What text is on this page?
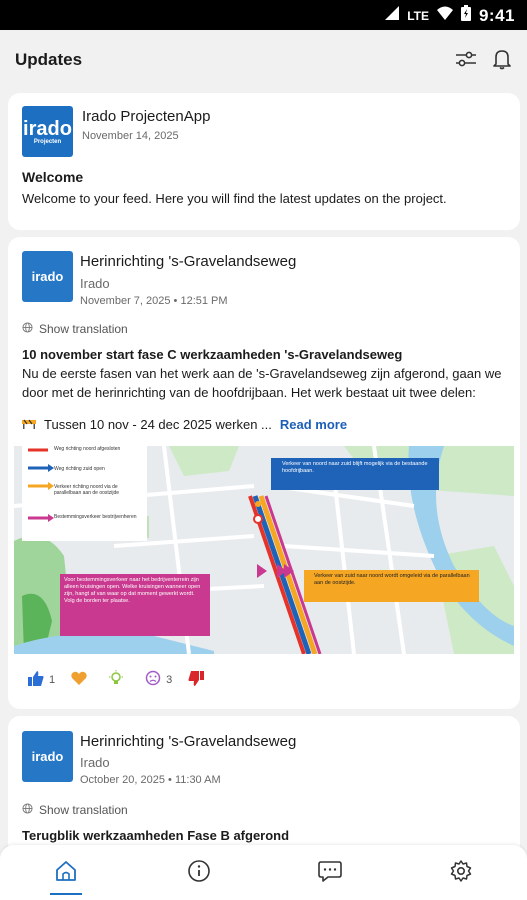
LTE	9:41
Updates
irado
Projecten
Irado ProjectenApp
November 14, 2025
Welcome
Welcome to your feed. Here you will find the latest updates on the project.
irado
Herinrichting 's-Gravelandseweg
Irado
November 7, 2025 • 12:51 PM
Show translation
10 november start fase C werkzaamheden 's-Gravelandseweg
Nu de eerste fasen van het werk aan de 's-Gravelandseweg zijn afgerond, gaan we door met de herinrichting van de hoofdrijbaan. Het werk bestaat uit twee delen:
Tussen 10 nov - 24 dec 2025 werken ... Read more
Weg richting noord afgesloten
Weg richting zuid open
Verkeer richting noord via de parallelbaan aan de oostzijde
Bestemmingsverkeer bestrijvenheren
Verkeer van noord naar zuid blijft mogelijk via de bestaande hoofdrijbaan.
Verkeer van zuid naar noord wordt omgeleid via de parallelbaan aan de oostzijde.
Voor bestemmingsverkeer naar het bedrijventerrein zijn alleen kruisingen open. Welke kruisingen wanneer open zijn, hangt af van waar op dat moment gewerkt wordt. Volg de borden ter plaatse.
1	3
irado
Herinrichting 's-Gravelandseweg
Irado
October 20, 2025 • 11:30 AM
Show translation
Terugblik werkzaamheden Fase B afgerond
